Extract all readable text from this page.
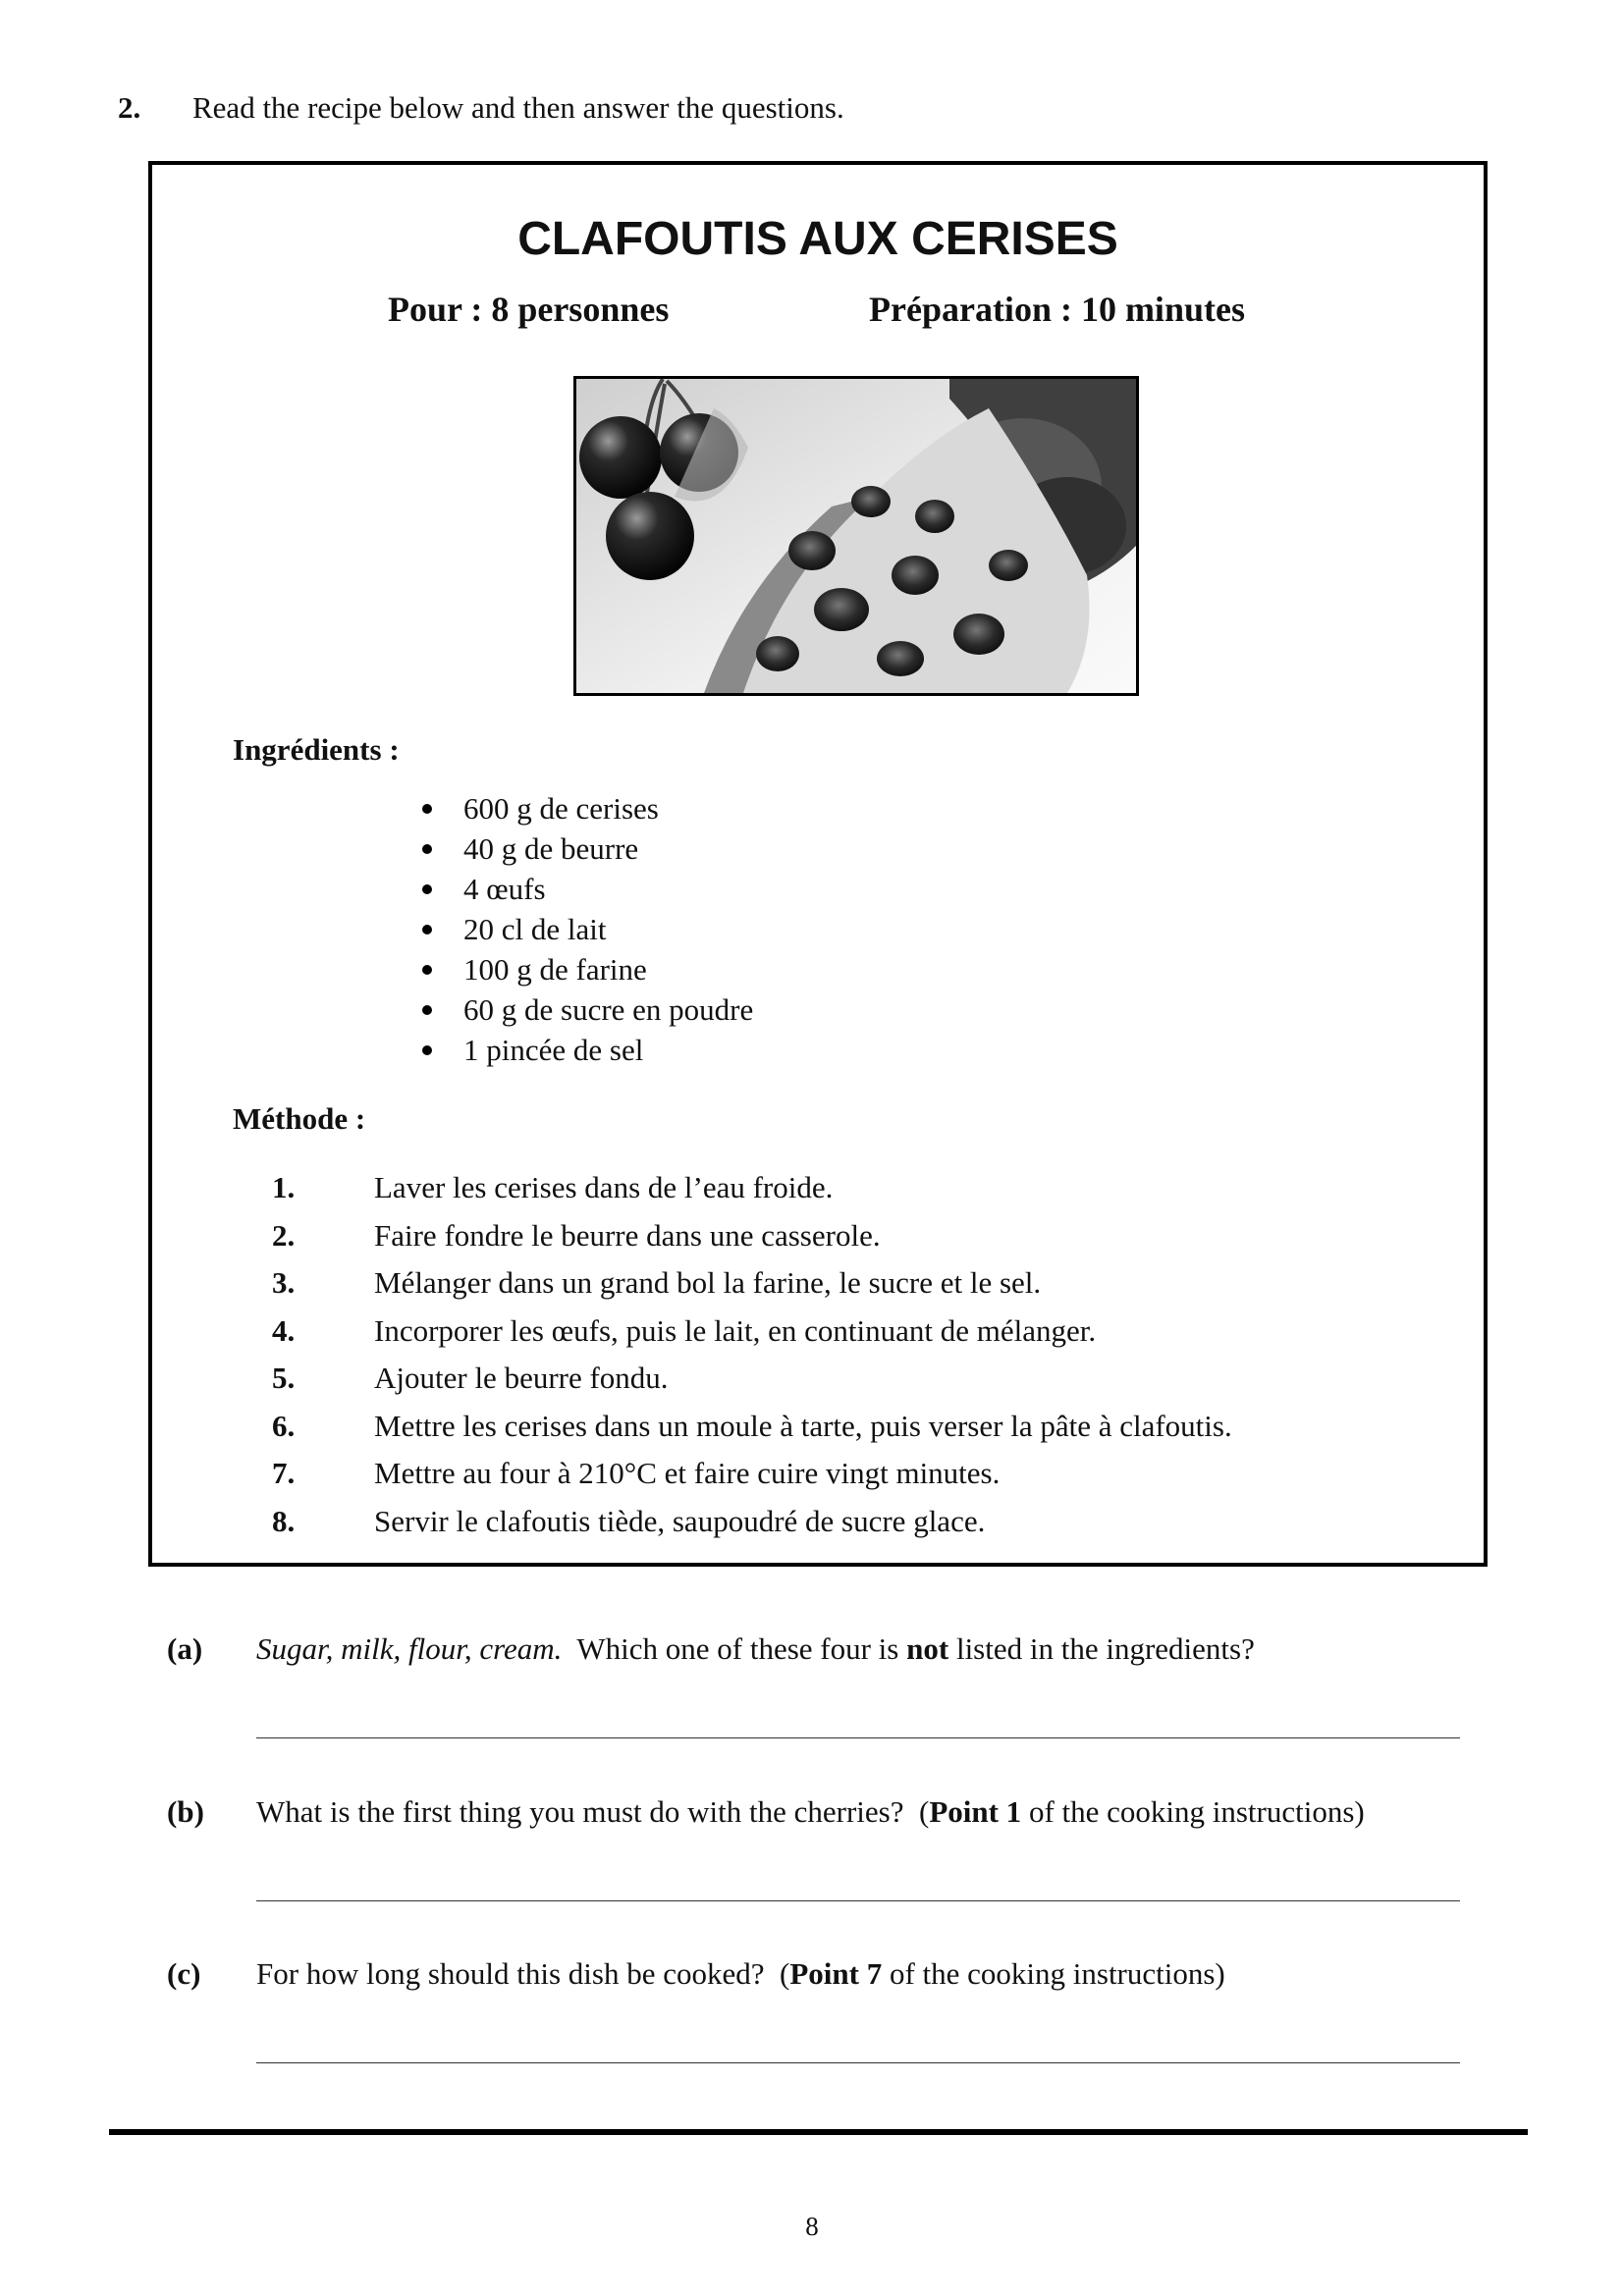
2. Read the recipe below and then answer the questions.
CLAFOUTIS AUX CERISES
Pour : 8 personnes	Préparation : 10 minutes
Ingrédients :
600 g de cerises
40 g de beurre
4 œufs
20 cl de lait
100 g de farine
60 g de sucre en poudre
1 pincée de sel
Méthode :
1.	Laver les cerises dans de l’eau froide.
2.	Faire fondre le beurre dans une casserole.
3.	Mélanger dans un grand bol la farine, le sucre et le sel.
4.	Incorporer les œufs, puis le lait, en continuant de mélanger.
5.	Ajouter le beurre fondu.
6.	Mettre les cerises dans un moule à tarte, puis verser la pâte à clafoutis.
7.	Mettre au four à 210°C et faire cuire vingt minutes.
8.	Servir le clafoutis tiède, saupoudré de sucre glace.
(a) Sugar, milk, flour, cream.  Which one of these four is not listed in the ingredients?
(b) What is the first thing you must do with the cherries?  (Point 1 of the cooking instructions)
(c) For how long should this dish be cooked?  (Point 7 of the cooking instructions)
8
